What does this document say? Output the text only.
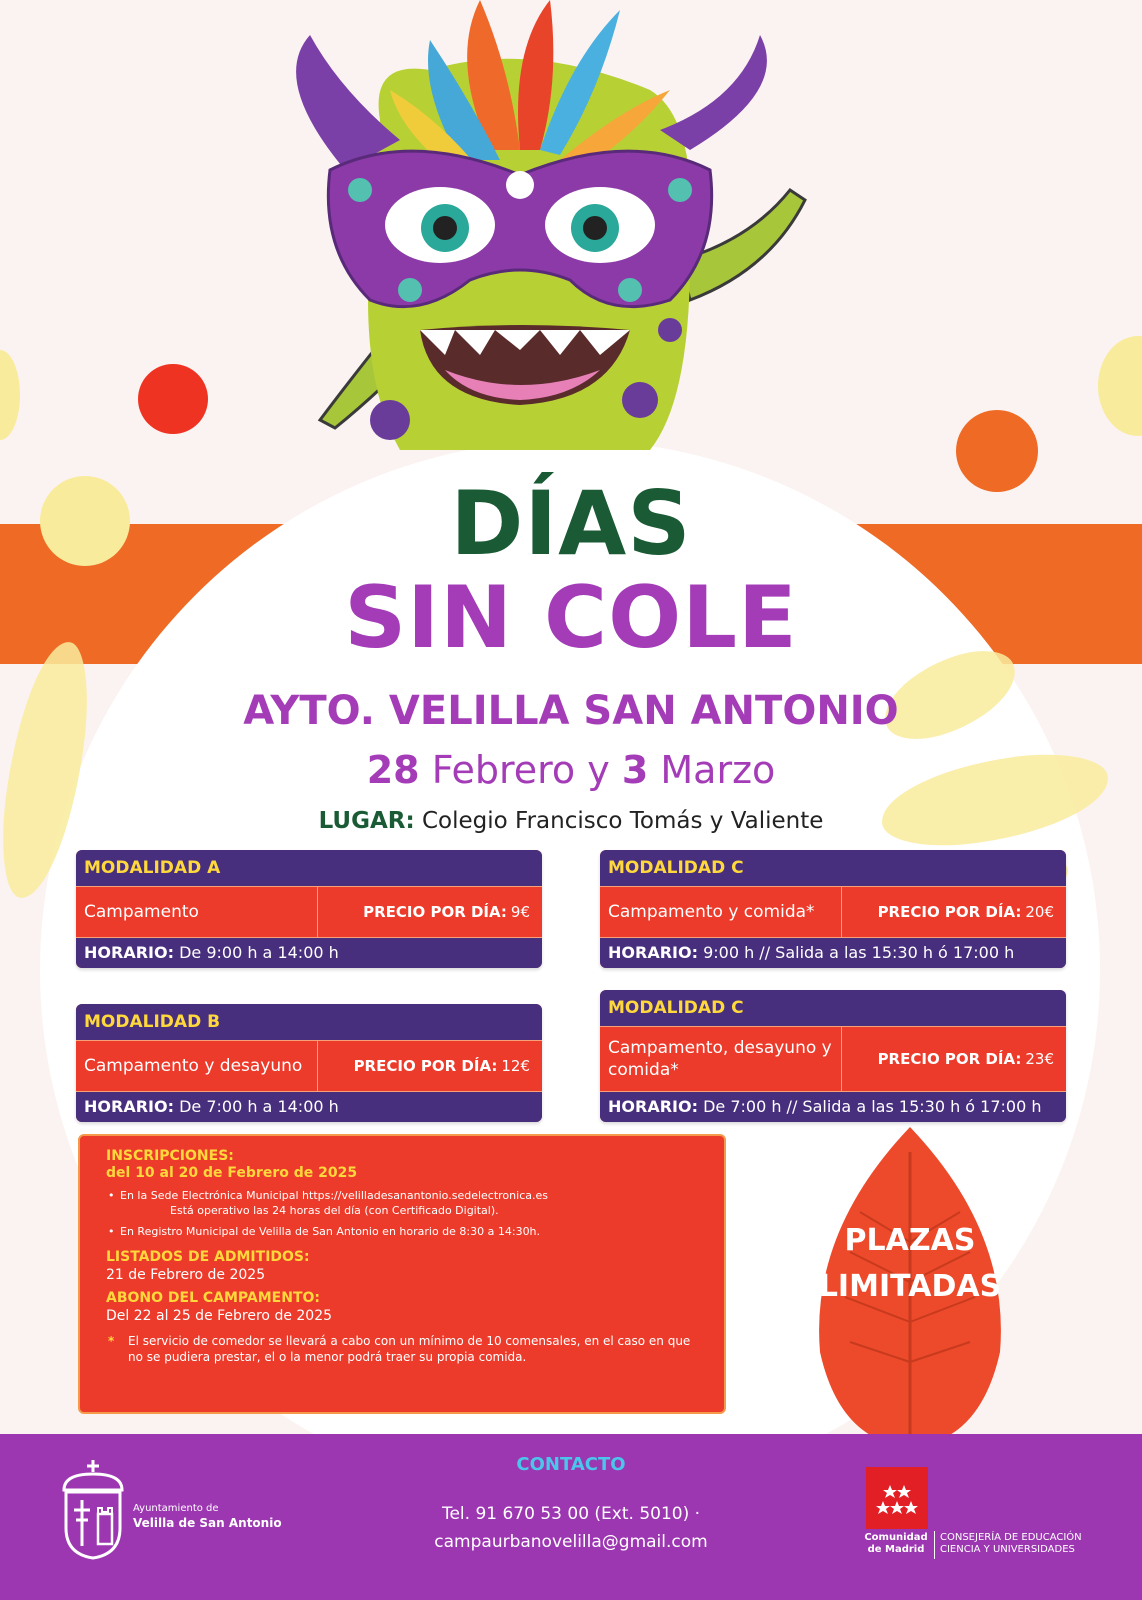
DÍAS
SIN COLE
AYTO. VELILLA SAN ANTONIO
28 Febrero y 3 Marzo
LUGAR: Colegio Francisco Tomás y Valiente
MODALIDAD A
Campamento	PRECIO POR DÍA: 9€
HORARIO: De 9:00 h a 14:00 h
MODALIDAD C
Campamento y comida*	PRECIO POR DÍA: 20€
HORARIO: 9:00 h // Salida a las 15:30 h ó 17:00 h
MODALIDAD B
Campamento y desayuno	PRECIO POR DÍA: 12€
HORARIO: De 7:00 h a 14:00 h
MODALIDAD C
Campamento, desayuno y comida*
PRECIO POR DÍA: 23€
HORARIO: De 7:00 h // Salida a las 15:30 h ó 17:00 h
INSCRIPCIONES:
del 10 al 20 de Febrero de 2025
• En la Sede Electrónica Municipal https://velilladesanantonio.sedelectronica.es
Está operativo las 24 horas del día (con Certificado Digital).
• En Registro Municipal de Velilla de San Antonio en horario de 8:30 a 14:30h.
LISTADOS DE ADMITIDOS:
21 de Febrero de 2025
ABONO DEL CAMPAMENTO:
Del 22 al 25 de Febrero de 2025
* El servicio de comedor se llevará a cabo con un mínimo de 10 comensales, en el caso en que no se pudiera prestar, el o la menor podrá traer su propia comida.
PLAZAS
LIMITADAS
CONTACTO
Tel. 91 670 53 00 (Ext. 5010) ·
campaurbanovelilla@gmail.com
Ayuntamiento de
Velilla de San Antonio
Comunidad
de Madrid
CONSEJERÍA DE EDUCACIÓN
CIENCIA Y UNIVERSIDADES
